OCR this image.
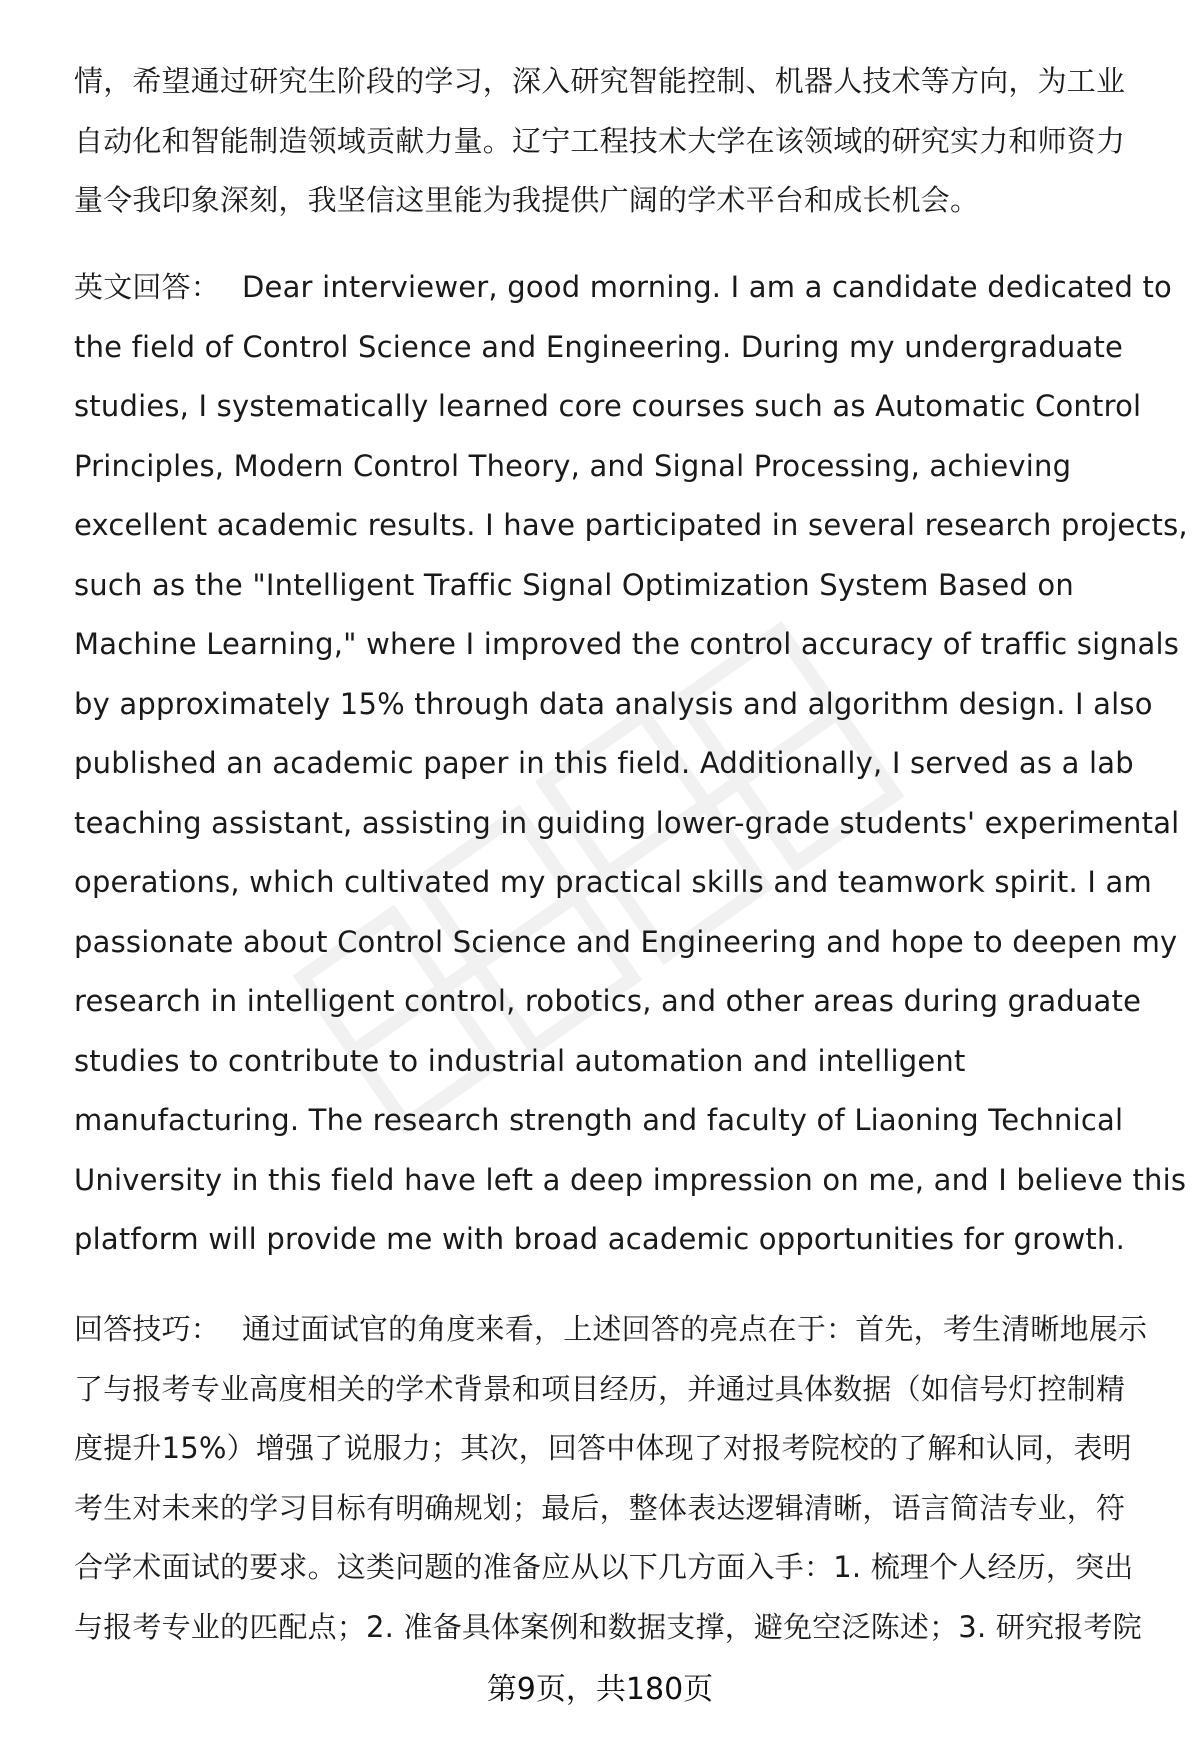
情，希望通过研究生阶段的学习，深入研究智能控制、机器人技术等方向，为工业
自动化和智能制造领域贡献力量。辽宁工程技术大学在该领域的研究实力和师资力
量令我印象深刻，我坚信这里能为我提供广阔的学术平台和成长机会。
英文回答： Dear interviewer, good morning. I am a candidate dedicated to
the field of Control Science and Engineering. During my undergraduate
studies, I systematically learned core courses such as Automatic Control
Principles, Modern Control Theory, and Signal Processing, achieving
excellent academic results. I have participated in several research projects,
such as the "Intelligent Traffic Signal Optimization System Based on
Machine Learning," where I improved the control accuracy of traffic signals
by approximately 15% through data analysis and algorithm design. I also
published an academic paper in this field. Additionally, I served as a lab
teaching assistant, assisting in guiding lower-grade students' experimental
operations, which cultivated my practical skills and teamwork spirit. I am
passionate about Control Science and Engineering and hope to deepen my
research in intelligent control, robotics, and other areas during graduate
studies to contribute to industrial automation and intelligent
manufacturing. The research strength and faculty of Liaoning Technical
University in this field have left a deep impression on me, and I believe this
platform will provide me with broad academic opportunities for growth.
回答技巧： 通过面试官的角度来看，上述回答的亮点在于：首先，考生清晰地展示
了与报考专业高度相关的学术背景和项目经历，并通过具体数据（如信号灯控制精
度提升15%）增强了说服力；其次，回答中体现了对报考院校的了解和认同，表明
考生对未来的学习目标有明确规划；最后，整体表达逻辑清晰，语言简洁专业，符
合学术面试的要求。这类问题的准备应从以下几方面入手：1. 梳理个人经历，突出
与报考专业的匹配点；2. 准备具体案例和数据支撑，避免空泛陈述；3. 研究报考院
第9页，共180页
